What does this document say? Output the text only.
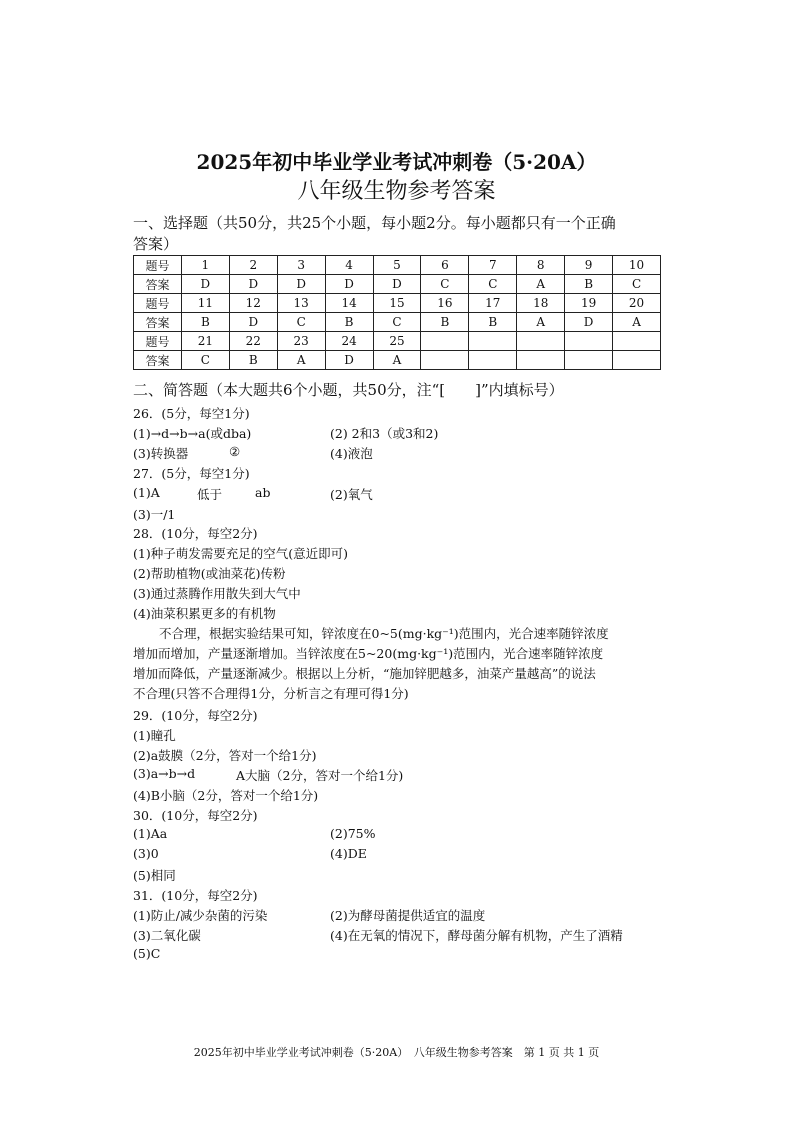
2025年初中毕业学业考试冲刺卷（5·20A）
八年级生物参考答案
一、选择题（共50分，共25个小题，每小题2分。每小题都只有一个正确
答案）
题号	1	2	3	4	5	6	7	8	9	10
答案	D	D	D	D	D	C	C	A	B	C
题号	11	12	13	14	15	16	17	18	19	20
答案	B	D	C	B	C	B	B	A	D	A
题号	21	22	23	24	25					
答案	C	B	A	D	A					
二、简答题（本大题共6个小题，共50分，注“[　　]”内填标号）
26．(5分，每空1分)
(1)→d→b→a(或dba)	(2) 2和3（或3和2)
(3)转换器	②	(4)液泡
27．(5分，每空1分)
(1)A	低于	ab	(2)氧气
(3)一/1
28．(10分，每空2分)
(1)种子萌发需要充足的空气(意近即可)
(2)帮助植物(或油菜花)传粉
(3)通过蒸腾作用散失到大气中
(4)油菜积累更多的有机物
不合理，根据实验结果可知，锌浓度在0~5(mg·kg⁻¹)范围内，光合速率随锌浓度
增加而增加，产量逐渐增加。当锌浓度在5~20(mg·kg⁻¹)范围内，光合速率随锌浓度
增加而降低，产量逐渐减少。根据以上分析，“施加锌肥越多，油菜产量越高”的说法
不合理(只答不合理得1分，分析言之有理可得1分)
29．(10分，每空2分)
(1)瞳孔
(2)a鼓膜（2分，答对一个给1分)
(3)a→b→d	A大脑（2分，答对一个给1分)
(4)B小脑（2分，答对一个给1分)
30．(10分，每空2分)
(1)Aa	(2)75%
(3)0	(4)DE
(5)相同
31．(10分，每空2分)
(1)防止/减少杂菌的污染	(2)为酵母菌提供适宜的温度
(3)二氧化碳	(4)在无氧的情况下，酵母菌分解有机物，产生了酒精
(5)C
2025年初中毕业学业考试冲刺卷（5·20A）　八年级生物参考答案　第 1 页 共 1 页
